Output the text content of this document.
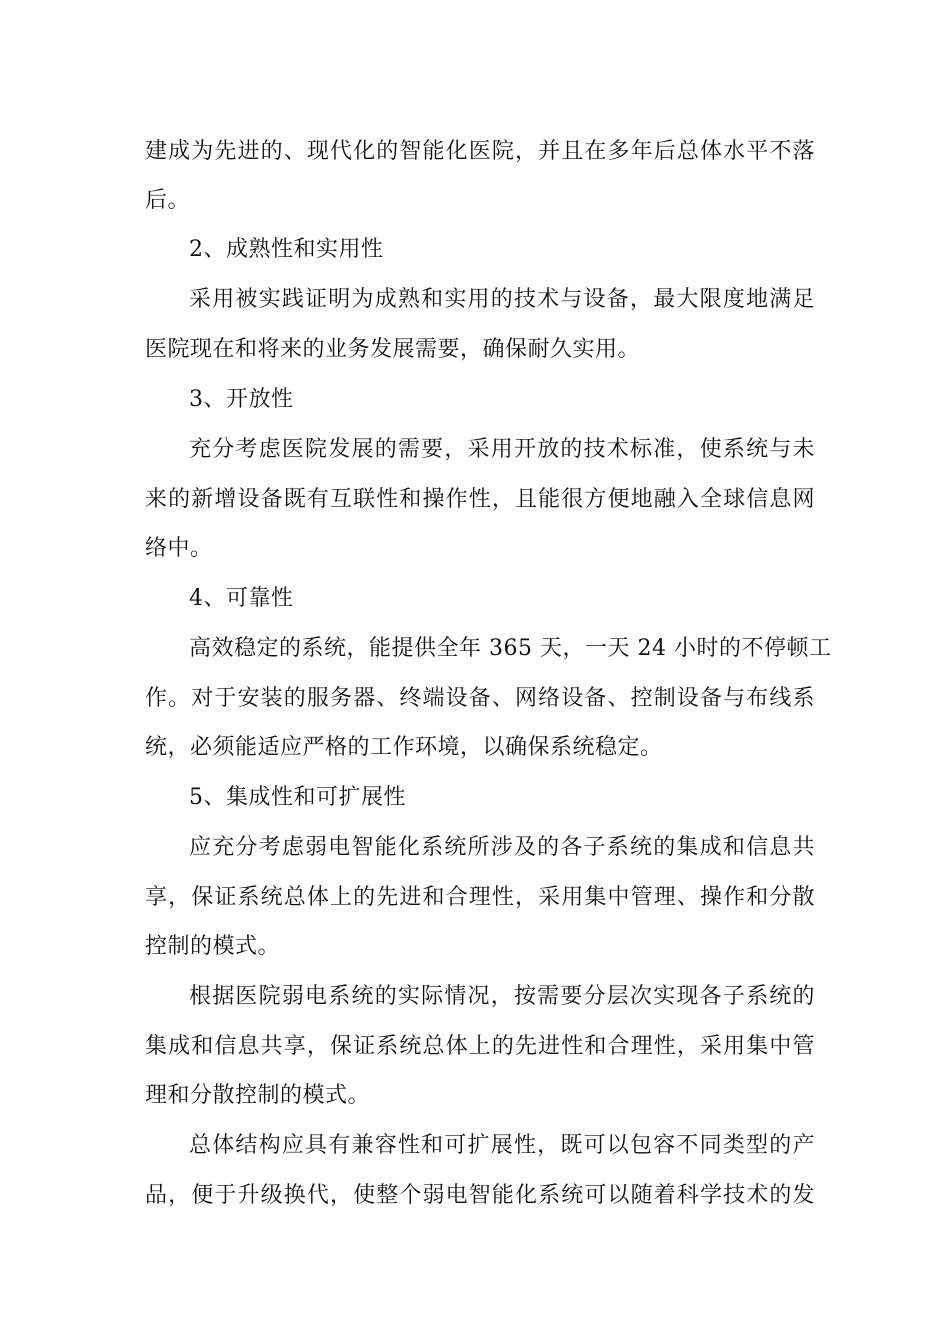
建成为先进的、现代化的智能化医院，并且在多年后总体水平不落
后。
2、成熟性和实用性
采用被实践证明为成熟和实用的技术与设备，最大限度地满足
医院现在和将来的业务发展需要，确保耐久实用。
3、开放性
充分考虑医院发展的需要，采用开放的技术标准，使系统与未
来的新增设备既有互联性和操作性，且能很方便地融入全球信息网
络中。
4、可靠性
高效稳定的系统，能提供全年 365 天，一天 24 小时的不停顿工
作。对于安装的服务器、终端设备、网络设备、控制设备与布线系
统，必须能适应严格的工作环境，以确保系统稳定。
5、集成性和可扩展性
应充分考虑弱电智能化系统所涉及的各子系统的集成和信息共
享，保证系统总体上的先进和合理性，采用集中管理、操作和分散
控制的模式。
根据医院弱电系统的实际情况，按需要分层次实现各子系统的
集成和信息共享，保证系统总体上的先进性和合理性，采用集中管
理和分散控制的模式。
总体结构应具有兼容性和可扩展性，既可以包容不同类型的产
品，便于升级换代，使整个弱电智能化系统可以随着科学技术的发
